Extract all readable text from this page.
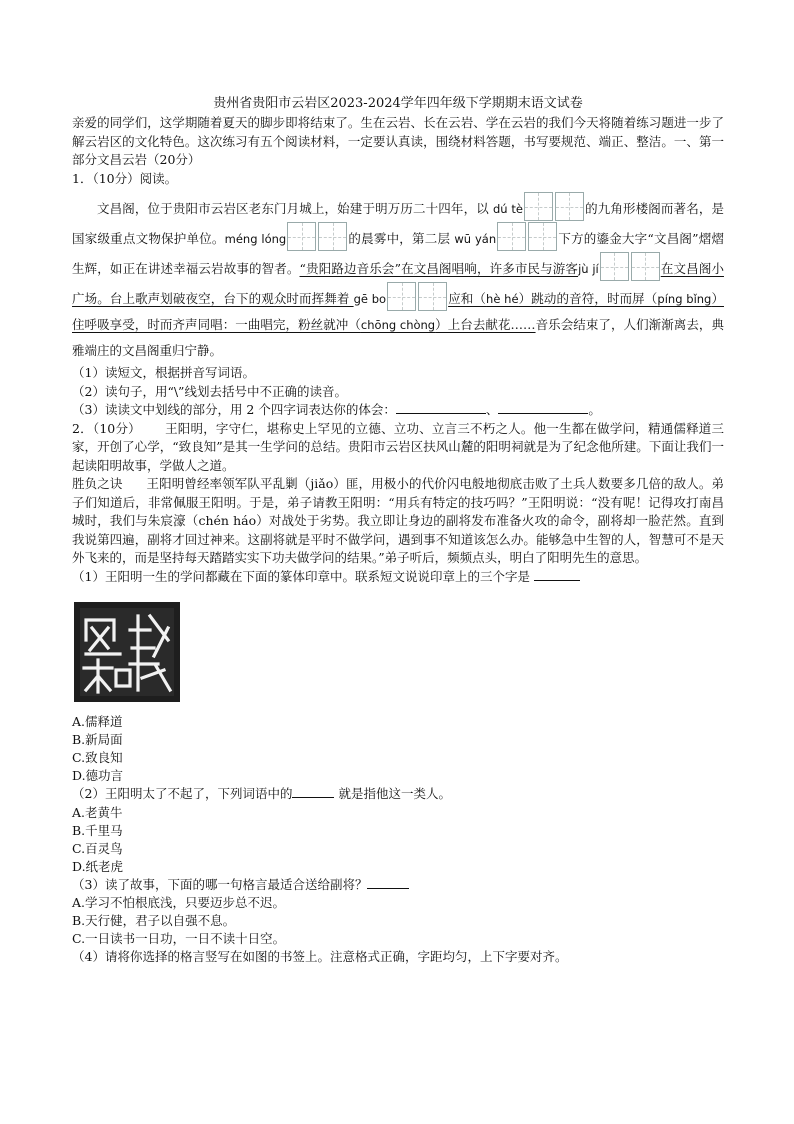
贵州省贵阳市云岩区2023-2024学年四年级下学期期末语文试卷

亲爱的同学们，这学期随着夏天的脚步即将结束了。生在云岩、长在云岩、学在云岩的我们今天将随着练习题进一步了解云岩区的文化特色。这次练习有五个阅读材料，一定要认真读，围绕材料答题，书写要规范、端正、整洁。一、第一部分文昌云岩（20分）

1．（10分）阅读。

文昌阁，位于贵阳市云岩区老东门月城上，始建于明万历二十四年，以 dú tè	的九角形楼阁而著名，是国家级重点文物保护单位。méng lóng	的晨雾中，第二层 wū yán	下方的鎏金大字“文昌阁”熠熠生辉，如正在讲述幸福云岩故事的智者。“贵阳路边音乐会”在文昌阁唱响，许多市民与游客jù jí	在文昌阁小广场。台上歌声划破夜空，台下的观众时而挥舞着 gē bo	应和（hè hé）跳动的音符，时而屏（píng bǐng）住呼吸享受，时而齐声同唱：一曲唱完，粉丝就冲（chōng chòng）上台去献花……音乐会结束了，人们渐渐离去，典雅端庄的文昌阁重归宁静。

（1）读短文，根据拼音写词语。

（2）读句子，用“\”线划去括号中不正确的读音。

（3）读读文中划线的部分，用 2 个四字词表达你的体会：	、	。

2．（10分） 王阳明，字守仁，堪称史上罕见的立德、立功、立言三不朽之人。他一生都在做学问，精通儒释道三家，开创了心学，“致良知”是其一生学问的总结。贵阳市云岩区扶风山麓的阳明祠就是为了纪念他所建。下面让我们一起读阳明故事，学做人之道。

胜负之诀 王阳明曾经率领军队平乱剿（jiǎo）匪，用极小的代价闪电般地彻底击败了土兵人数要多几倍的敌人。弟子们知道后，非常佩服王阳明。于是，弟子请教王阳明：“用兵有特定的技巧吗？”王阳明说：“没有呢！记得攻打南昌城时，我们与朱宸濠（chén háo）对战处于劣势。我立即让身边的副将发布准备火攻的命令，副将却一脸茫然。直到我说第四遍，副将才回过神来。这副将就是平时不做学问，遇到事不知道该怎么办。能够急中生智的人，智慧可不是天外飞来的，而是坚持每天踏踏实实下功夫做学问的结果。”弟子听后，频频点头，明白了阳明先生的意思。

（1）王阳明一生的学问都藏在下面的篆体印章中。联系短文说说印章上的三个字是

A.儒释道

B.新局面

C.致良知

D.德功言

（2）王阳明太了不起了，下列词语中的	就是指他这一类人。

A.老黄牛

B.千里马

C.百灵鸟

D.纸老虎

（3）读了故事，下面的哪一句格言最适合送给副将？

A.学习不怕根底浅，只要迈步总不迟。

B.天行健，君子以自强不息。

C.一日读书一日功，一日不读十日空。

（4）请将你选择的格言竖写在如图的书签上。注意格式正确，字距均匀，上下字要对齐。
